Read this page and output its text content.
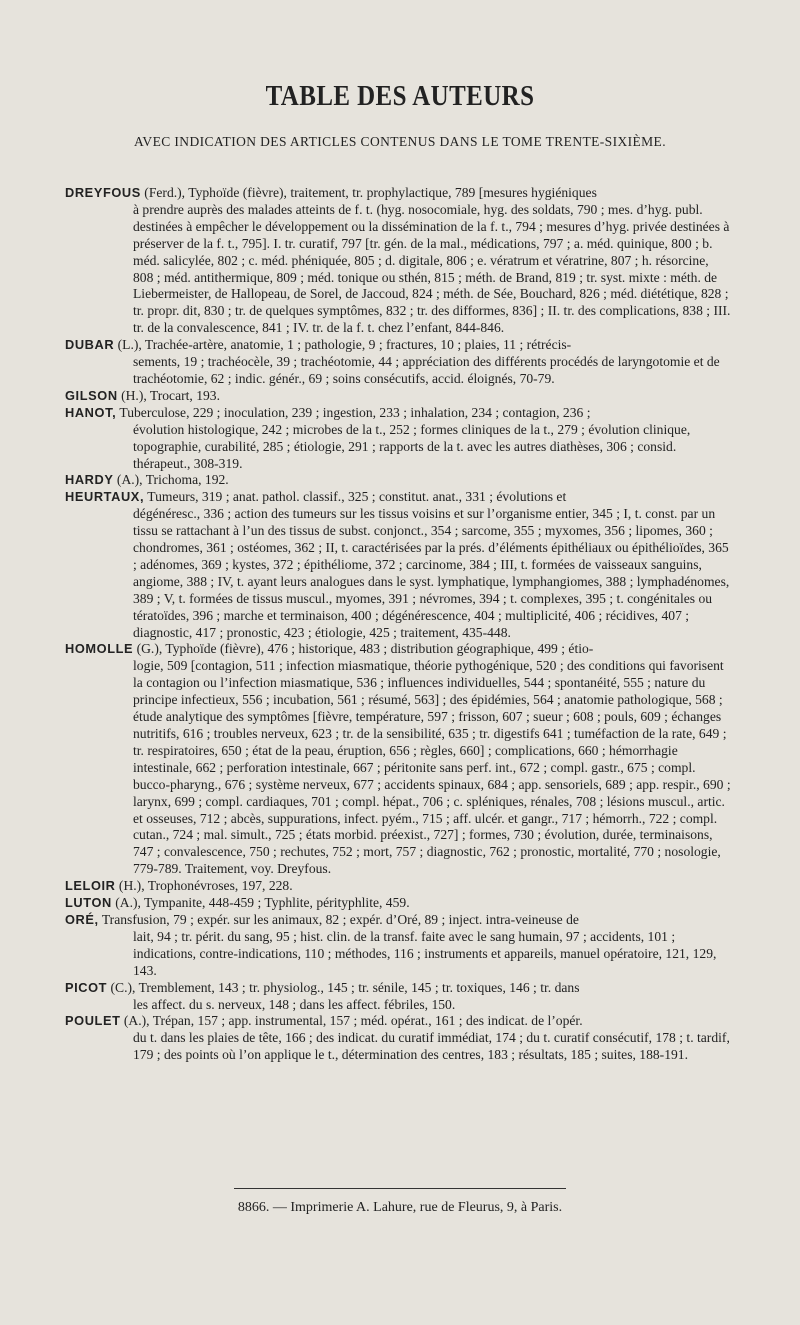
TABLE DES AUTEURS
AVEC INDICATION DES ARTICLES CONTENUS DANS LE TOME TRENTE-SIXIÈME.

DREYFOUS (Ferd.), Typhoïde (fièvre), traitement, tr. prophylactique, 789 [mesures hygiéniques
à prendre auprès des malades atteints de f. t. (hyg. nosocomiale, hyg. des soldats, 790 ; mes. d’hyg. publ. destinées à empêcher le développement ou la dissémination de la f. t., 794 ; mesures d’hyg. privée destinées à préserver de la f. t., 795]. I. tr. curatif, 797 [tr. gén. de la mal., médications, 797 ; a. méd. quinique, 800 ; b. méd. salicylée, 802 ; c. méd. phéniquée, 805 ; d. digitale, 806 ; e. vératrum et vératrine, 807 ; h. résorcine, 808 ; méd. antithermique, 809 ; méd. tonique ou sthén, 815 ; méth. de Brand, 819 ; tr. syst. mixte : méth. de Liebermeister, de Hallopeau, de Sorel, de Jaccoud, 824 ; méth. de Sée, Bouchard, 826 ; méd. diététique, 828 ; tr. propr. dit, 830 ; tr. de quelques symptômes, 832 ; tr. des difformes, 836] ; II. tr. des complications, 838 ; III. tr. de la convalescence, 841 ; IV. tr. de la f. t. chez l’enfant, 844-846.

DUBAR (L.), Trachée-artère, anatomie, 1 ; pathologie, 9 ; fractures, 10 ; plaies, 11 ; rétrécis-
sements, 19 ; trachéocèle, 39 ; trachéotomie, 44 ; appréciation des différents procédés de laryngotomie et de trachéotomie, 62 ; indic. génér., 69 ; soins consécutifs, accid. éloignés, 70-79.

GILSON (H.), Trocart, 193.

HANOT, Tuberculose, 229 ; inoculation, 239 ; ingestion, 233 ; inhalation, 234 ; contagion, 236 ;
évolution histologique, 242 ; microbes de la t., 252 ; formes cliniques de la t., 279 ; évolution clinique, topographie, curabilité, 285 ; étiologie, 291 ; rapports de la t. avec les autres diathèses, 306 ; consid. thérapeut., 308-319.

HARDY (A.), Trichoma, 192.

HEURTAUX, Tumeurs, 319 ; anat. pathol. classif., 325 ; constitut. anat., 331 ; évolutions et
dégénéresc., 336 ; action des tumeurs sur les tissus voisins et sur l’organisme entier, 345 ; I, t. const. par un tissu se rattachant à l’un des tissus de subst. conjonct., 354 ; sarcome, 355 ; myxomes, 356 ; lipomes, 360 ; chondromes, 361 ; ostéomes, 362 ; II, t. caractérisées par la prés. d’éléments épithéliaux ou épithélioïdes, 365 ; adénomes, 369 ; kystes, 372 ; épithéliome, 372 ; carcinome, 384 ; III, t. formées de vaisseaux sanguins, angiome, 388 ; IV, t. ayant leurs analogues dans le syst. lymphatique, lymphangiomes, 388 ; lymphadénomes, 389 ; V, t. formées de tissus muscul., myomes, 391 ; névromes, 394 ; t. complexes, 395 ; t. congénitales ou tératoïdes, 396 ; marche et terminaison, 400 ; dégénérescence, 404 ; multiplicité, 406 ; récidives, 407 ; diagnostic, 417 ; pronostic, 423 ; étiologie, 425 ; traitement, 435-448.

HOMOLLE (G.), Typhoïde (fièvre), 476 ; historique, 483 ; distribution géographique, 499 ; étio-
logie, 509 [contagion, 511 ; infection miasmatique, théorie pythogénique, 520 ; des conditions qui favorisent la contagion ou l’infection miasmatique, 536 ; influences individuelles, 544 ; spontanéité, 555 ; nature du principe infectieux, 556 ; incubation, 561 ; résumé, 563] ; des épidémies, 564 ; anatomie pathologique, 568 ; étude analytique des symptômes [fièvre, température, 597 ; frisson, 607 ; sueur ; 608 ; pouls, 609 ; échanges nutritifs, 616 ; troubles nerveux, 623 ; tr. de la sensibilité, 635 ; tr. digestifs 641 ; tuméfaction de la rate, 649 ; tr. respiratoires, 650 ; état de la peau, éruption, 656 ; règles, 660] ; complications, 660 ; hémorrhagie intestinale, 662 ; perforation intestinale, 667 ; péritonite sans perf. int., 672 ; compl. gastr., 675 ; compl. bucco-pharyng., 676 ; système nerveux, 677 ; accidents spinaux, 684 ; app. sensoriels, 689 ; app. respir., 690 ; larynx, 699 ; compl. cardiaques, 701 ; compl. hépat., 706 ; c. spléniques, rénales, 708 ; lésions muscul., artic. et osseuses, 712 ; abcès, suppurations, infect. pyém., 715 ; aff. ulcér. et gangr., 717 ; hémorrh., 722 ; compl. cutan., 724 ; mal. simult., 725 ; états morbid. préexist., 727] ; formes, 730 ; évolution, durée, terminaisons, 747 ; convalescence, 750 ; rechutes, 752 ; mort, 757 ; diagnostic, 762 ; pronostic, mortalité, 770 ; nosologie, 779-789. Traitement, voy. Dreyfous.

LELOIR (H.), Trophonévroses, 197, 228.

LUTON (A.), Tympanite, 448-459 ; Typhlite, pérityphlite, 459.

ORÉ, Transfusion, 79 ; expér. sur les animaux, 82 ; expér. d’Oré, 89 ; inject. intra-veineuse de
lait, 94 ; tr. périt. du sang, 95 ; hist. clin. de la transf. faite avec le sang humain, 97 ; accidents, 101 ; indications, contre-indications, 110 ; méthodes, 116 ; instruments et appareils, manuel opératoire, 121, 129, 143.

PICOT (C.), Tremblement, 143 ; tr. physiolog., 145 ; tr. sénile, 145 ; tr. toxiques, 146 ; tr. dans
les affect. du s. nerveux, 148 ; dans les affect. fébriles, 150.

POULET (A.), Trépan, 157 ; app. instrumental, 157 ; méd. opérat., 161 ; des indicat. de l’opér.
du t. dans les plaies de tête, 166 ; des indicat. du curatif immédiat, 174 ; du t. curatif consécutif, 178 ; t. tardif, 179 ; des points où l’on applique le t., détermination des centres, 183 ; résultats, 185 ; suites, 188-191.

8866. — Imprimerie A. Lahure, rue de Fleurus, 9, à Paris.
